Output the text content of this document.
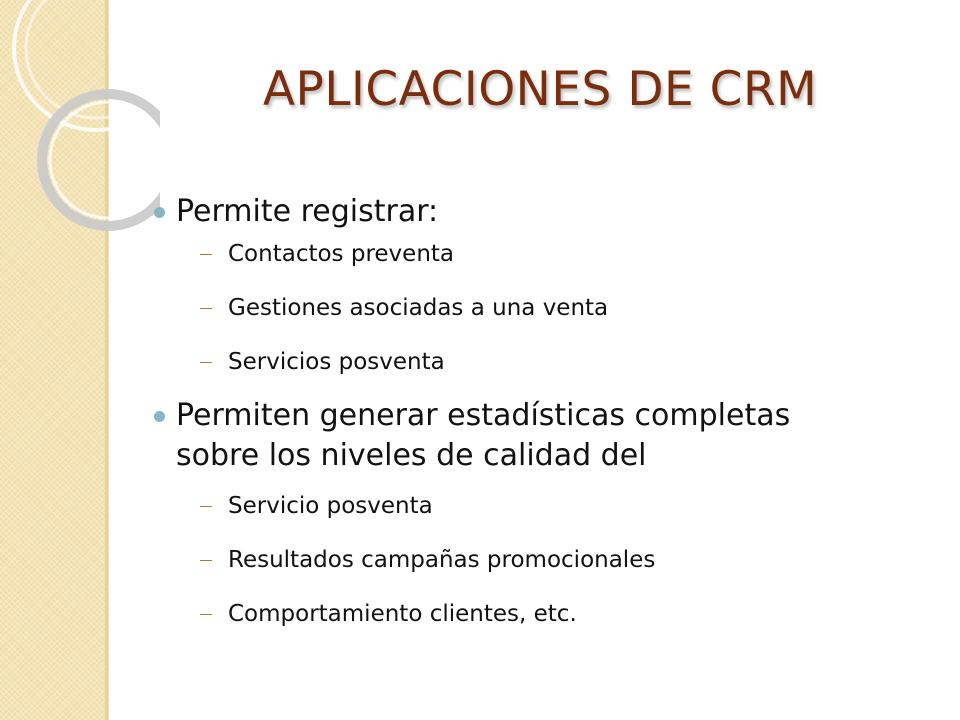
APLICACIONES DE CRM
Permite registrar:
Contactos preventa
Gestiones asociadas a una venta
Servicios posventa
Permiten generar estadísticas completas
sobre los niveles de calidad del
Servicio posventa
Resultados campañas promocionales
Comportamiento clientes, etc.
